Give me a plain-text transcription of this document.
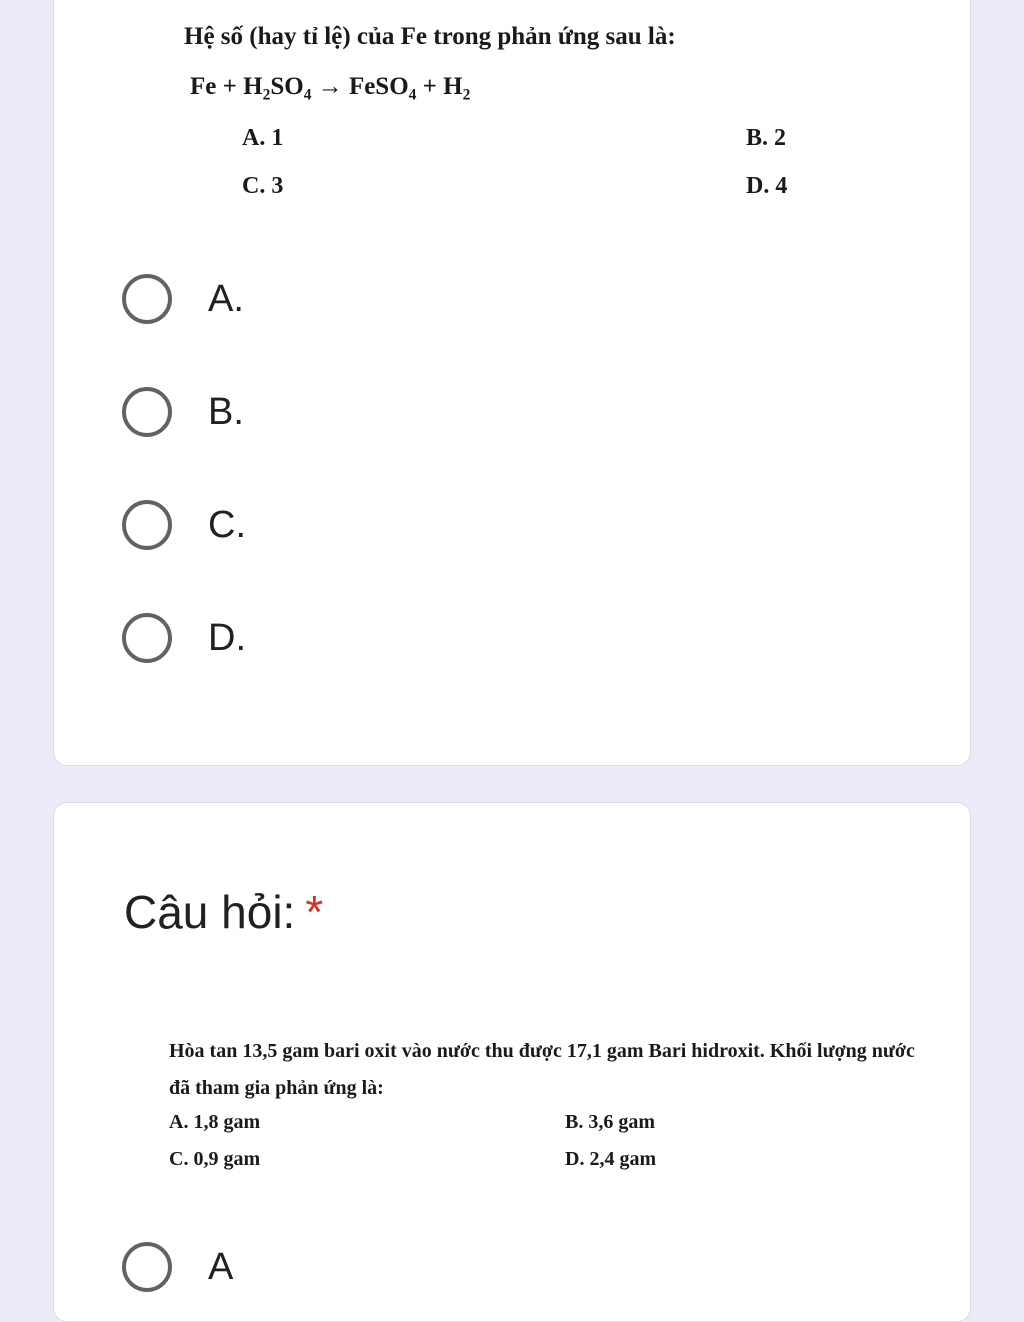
Hệ số (hay tỉ lệ) của Fe trong phản ứng sau là:
$Fe + H_2SO_4$ → FeSO$_4$ + $H_2$
A. 1	B. 2
C. 3	D. 4
A.
B.
C.
D.
Câu hỏi: *
Hòa tan 13,5 gam bari oxit vào nước thu được 17,1 gam Bari hidroxit. Khối lượng nước đã tham gia phản ứng là:
A. 1,8 gam	B. 3,6 gam
C. 0,9 gam	D. 2,4 gam
A
